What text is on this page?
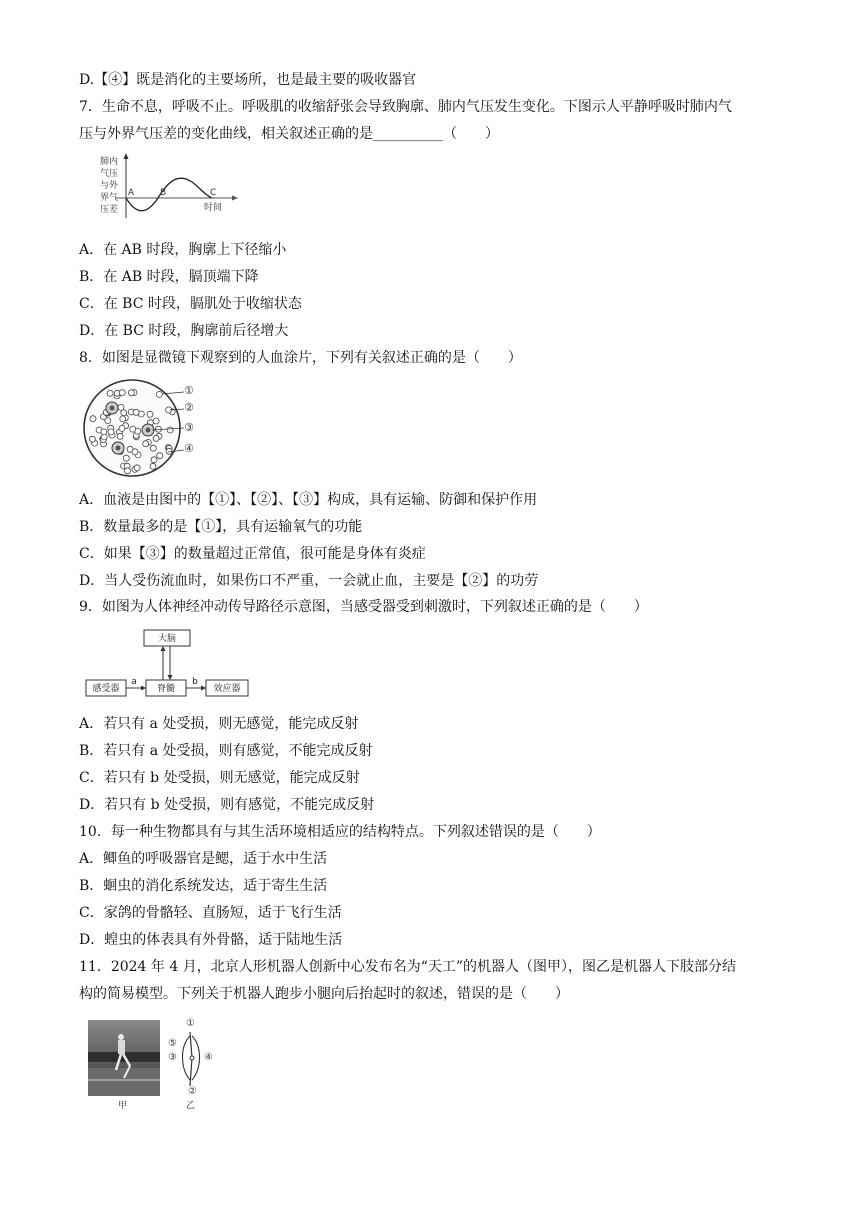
D.【④】既是消化的主要场所，也是最主要的吸收器官
7．生命不息，呼吸不止。呼吸肌的收缩舒张会导致胸廓、肺内气压发生变化。下图示人平静呼吸时肺内气
压与外界气压差的变化曲线，相关叙述正确的是__________（　　）
肺内
气压
与外
界气
压差
A	B	C
时间
A．在 AB 时段，胸廓上下径缩小
B．在 AB 时段，膈顶端下降
C．在 BC 时段，膈肌处于收缩状态
D．在 BC 时段，胸廓前后径增大
8．如图是显微镜下观察到的人血涂片，下列有关叙述正确的是（　　）
①
②
③
④
A．血液是由图中的【①】、【②】、【③】构成，具有运输、防御和保护作用
B．数量最多的是【①】，具有运输氧气的功能
C．如果【③】的数量超过正常值，很可能是身体有炎症
D．当人受伤流血时，如果伤口不严重，一会就止血，主要是【②】的功劳
9．如图为人体神经冲动传导路径示意图，当感受器受到刺激时，下列叙述正确的是（　　）
大脑
感受器	脊髓	效应器
a	b
A．若只有 a 处受损，则无感觉，能完成反射
B．若只有 a 处受损，则有感觉，不能完成反射
C．若只有 b 处受损，则无感觉，能完成反射
D．若只有 b 处受损，则有感觉，不能完成反射
10．每一种生物都具有与其生活环境相适应的结构特点。下列叙述错误的是（　　）
A．鲫鱼的呼吸器官是鳃，适于水中生活
B．蛔虫的消化系统发达，适于寄生生活
C．家鸽的骨骼轻、直肠短，适于飞行生活
D．蝗虫的体表具有外骨骼，适于陆地生活
11．2024 年 4 月，北京人形机器人创新中心发布名为“天工”的机器人（图甲），图乙是机器人下肢部分结
构的简易模型。下列关于机器人跑步小腿向后抬起时的叙述，错误的是（　　）
甲
①
②
③	④
⑤
乙
